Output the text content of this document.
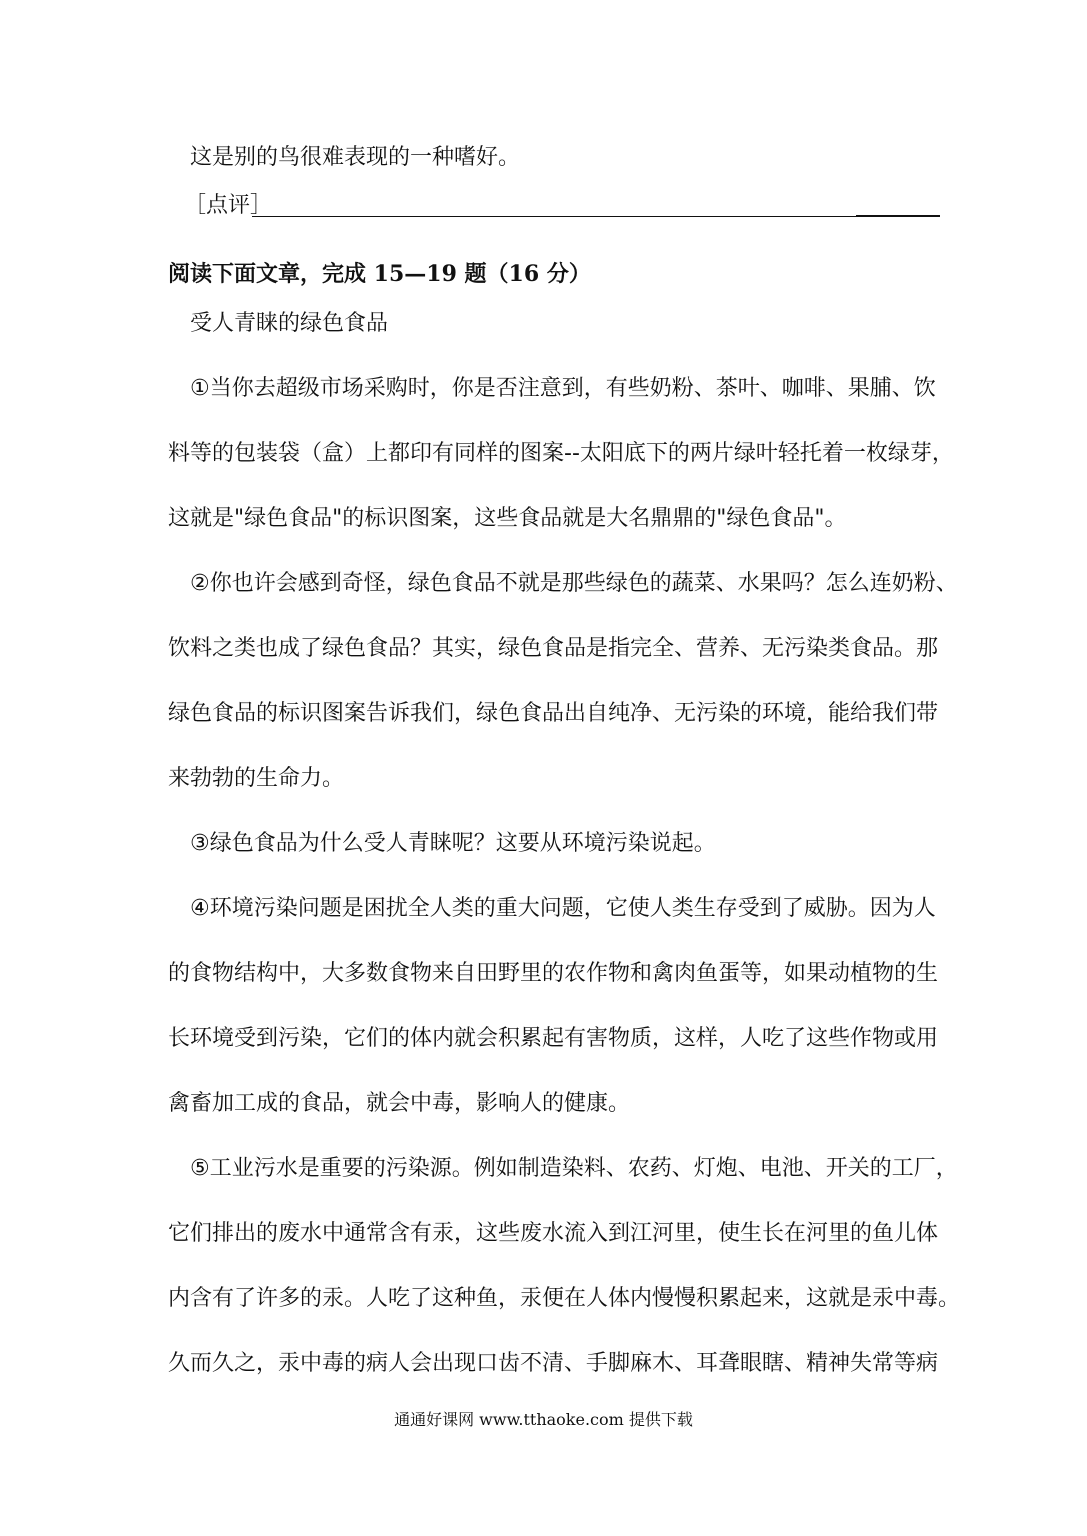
这是别的鸟很难表现的一种嗜好。
［点评］
阅读下面文章，完成 15—19 题（16 分）
受人青睐的绿色食品
①当你去超级市场采购时，你是否注意到，有些奶粉、茶叶、咖啡、果脯、饮
料等的包装袋（盒）上都印有同样的图案--太阳底下的两片绿叶轻托着一枚绿芽，
这就是"绿色食品"的标识图案，这些食品就是大名鼎鼎的"绿色食品"。
②你也许会感到奇怪，绿色食品不就是那些绿色的蔬菜、水果吗？怎么连奶粉、
饮料之类也成了绿色食品？其实，绿色食品是指完全、营养、无污染类食品。那
绿色食品的标识图案告诉我们，绿色食品出自纯净、无污染的环境，能给我们带
来勃勃的生命力。
③绿色食品为什么受人青睐呢？这要从环境污染说起。
④环境污染问题是困扰全人类的重大问题，它使人类生存受到了威胁。因为人
的食物结构中，大多数食物来自田野里的农作物和禽肉鱼蛋等，如果动植物的生
长环境受到污染，它们的体内就会积累起有害物质，这样，人吃了这些作物或用
禽畜加工成的食品，就会中毒，影响人的健康。
⑤工业污水是重要的污染源。例如制造染料、农药、灯炮、电池、开关的工厂，
它们排出的废水中通常含有汞，这些废水流入到江河里，使生长在河里的鱼儿体
内含有了许多的汞。人吃了这种鱼，汞便在人体内慢慢积累起来，这就是汞中毒。
久而久之，汞中毒的病人会出现口齿不清、手脚麻木、耳聋眼瞎、精神失常等病
通通好课网 www.tthaoke.com 提供下载
